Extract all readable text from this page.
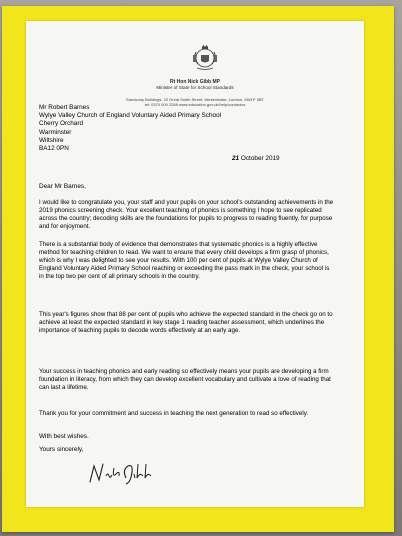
Rt Hon Nick Gibb MP
Minister of State for School Standards
Sanctuary Buildings, 20 Great Smith Street, Westminster, London, SW1P 3BT
tel: 0370 000 2288 www.education.gov.uk/help/contactus
Mr Robert Barnes
Wylye Valley Church of England Voluntary Aided Primary School
Cherry Orchard
Warminster
Wiltshire
BA12 0PN
21 October 2019
Dear Mr Barnes,

I would like to congratulate you, your staff and your pupils on your school's outstanding achievements in the 2019 phonics screening check. Your excellent teaching of phonics is something I hope to see replicated across the country; decoding skills are the foundations for pupils to progress to reading fluently, for purpose and for enjoyment.

There is a substantial body of evidence that demonstrates that systematic phonics is a highly effective method for teaching children to read. We want to ensure that every child develops a firm grasp of phonics, which is why I was delighted to see your results. With 100 per cent of pupils at Wylye Valley Church of England Voluntary Aided Primary School reaching or exceeding the pass mark in the check, your school is in the top two per cent of all primary schools in the country.

This year's figures show that 88 per cent of pupils who achieve the expected standard in the check go on to achieve at least the expected standard in key stage 1 reading teacher assessment, which underlines the importance of teaching pupils to decode words effectively at an early age.

Your success in teaching phonics and early reading so effectively means your pupils are developing a firm foundation in literacy, from which they can develop excellent vocabulary and cultivate a love of reading that can last a lifetime.

Thank you for your commitment and success in teaching the next generation to read so effectively.

With best wishes.
Yours sincerely,
